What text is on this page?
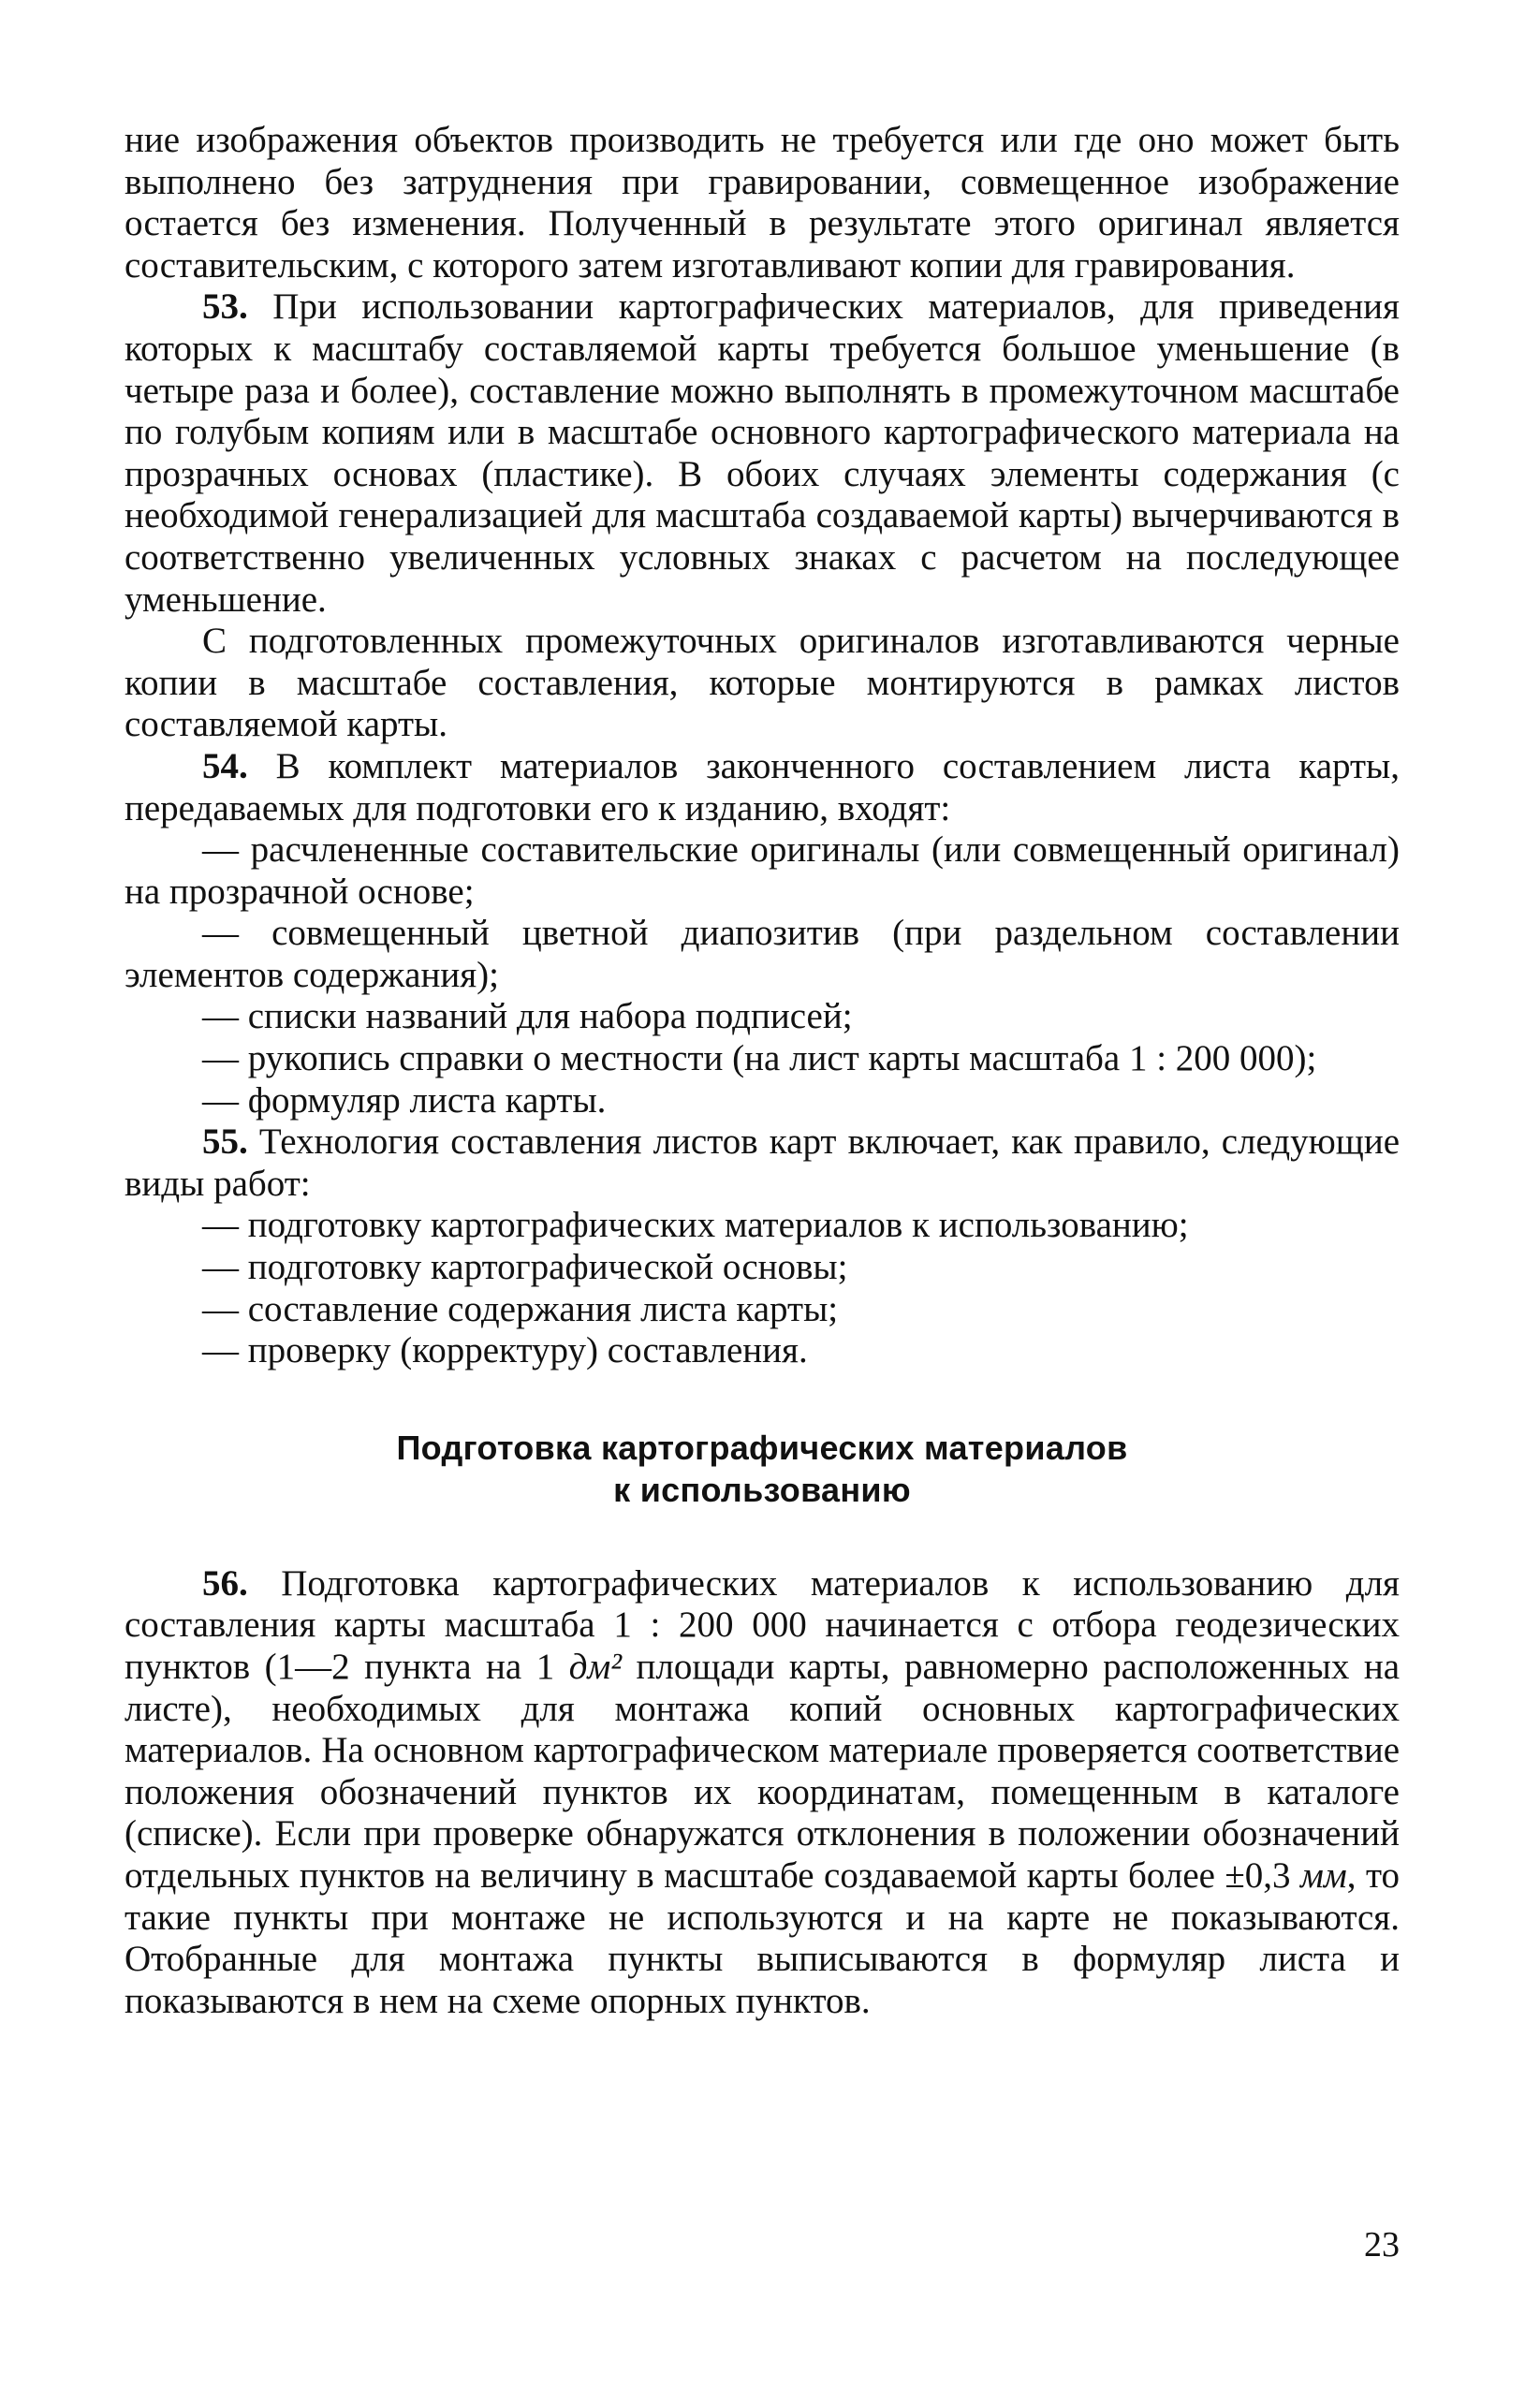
ние изображения объектов производить не требуется или где оно может быть выполнено без затруднения при гравировании, совмещенное изображение остается без изменения. Полученный в результате этого оригинал является составительским, с которого затем изготавливают копии для гравирования.

53. При использовании картографических материалов, для приведения которых к масштабу составляемой карты требуется большое уменьшение (в четыре раза и более), составление можно выполнять в промежуточном масштабе по голубым копиям или в масштабе основного картографического материала на прозрачных основах (пластике). В обоих случаях элементы содержания (с необходимой генерализацией для масштаба создаваемой карты) вычерчиваются в соответственно увеличенных условных знаках с расчетом на последующее уменьшение.

С подготовленных промежуточных оригиналов изготавливаются черные копии в масштабе составления, которые монтируются в рамках листов составляемой карты.

54. В комплект материалов законченного составлением листа карты, передаваемых для подготовки его к изданию, входят:

— расчлененные составительские оригиналы (или совмещенный оригинал) на прозрачной основе;

— совмещенный цветной диапозитив (при раздельном составлении элементов содержания);

— списки названий для набора подписей;

— рукопись справки о местности (на лист карты масштаба 1 : 200 000);

— формуляр листа карты.

55. Технология составления листов карт включает, как правило, следующие виды работ:

— подготовку картографических материалов к использованию;

— подготовку картографической основы;

— составление содержания листа карты;

— проверку (корректуру) составления.

Подготовка картографических материалов
к использованию

56. Подготовка картографических материалов к использованию для составления карты масштаба 1 : 200 000 начинается с отбора геодезических пунктов (1—2 пункта на 1 дм² площади карты, равномерно расположенных на листе), необходимых для монтажа копий основных картографических материалов. На основном картографическом материале проверяется соответствие положения обозначений пунктов их координатам, помещенным в каталоге (списке). Если при проверке обнаружатся отклонения в положении обозначений отдельных пунктов на величину в масштабе создаваемой карты более ±0,3 мм, то такие пункты при монтаже не используются и на карте не показываются. Отобранные для монтажа пункты выписываются в формуляр листа и показываются в нем на схеме опорных пунктов.

23
